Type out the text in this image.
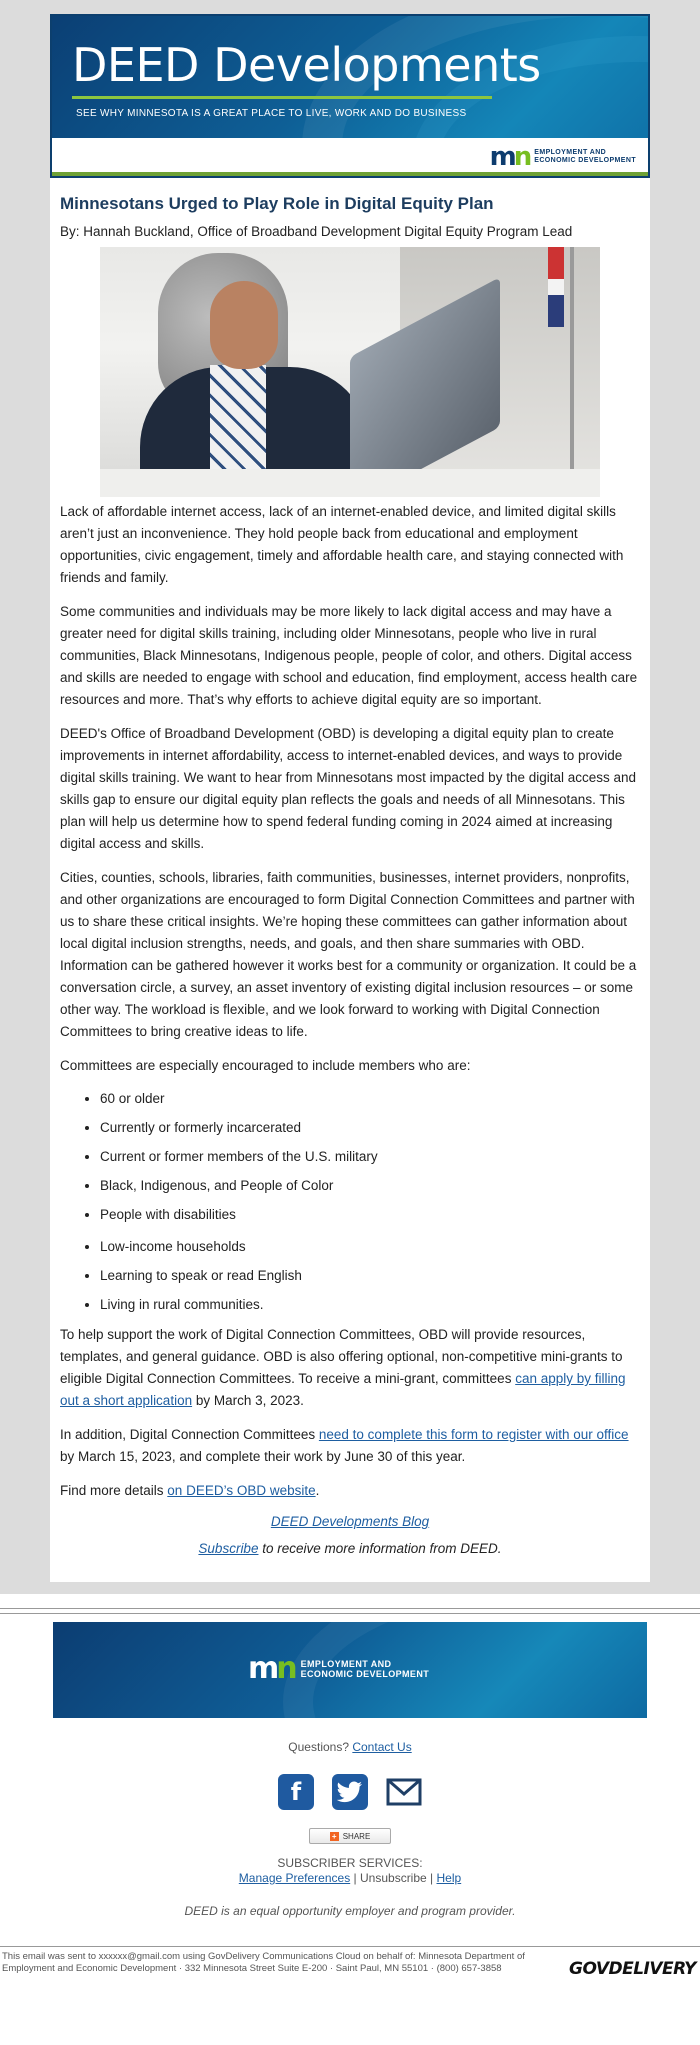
DEED Developments
SEE WHY MINNESOTA IS A GREAT PLACE TO LIVE, WORK AND DO BUSINESS
mn EMPLOYMENT AND
ECONOMIC DEVELOPMENT
Minnesotans Urged to Play Role in Digital Equity Plan
By: Hannah Buckland, Office of Broadband Development Digital Equity Program Lead

Lack of affordable internet access, lack of an internet-enabled device, and limited digital skills aren’t just an inconvenience. They hold people back from educational and employment opportunities, civic engagement, timely and affordable health care, and staying connected with friends and family.

Some communities and individuals may be more likely to lack digital access and may have a greater need for digital skills training, including older Minnesotans, people who live in rural communities, Black Minnesotans, Indigenous people, people of color, and others. Digital access and skills are needed to engage with school and education, find employment, access health care resources and more. That’s why efforts to achieve digital equity are so important.

DEED's Office of Broadband Development (OBD) is developing a digital equity plan to create improvements in internet affordability, access to internet-enabled devices, and ways to provide digital skills training. We want to hear from Minnesotans most impacted by the digital access and skills gap to ensure our digital equity plan reflects the goals and needs of all Minnesotans. This plan will help us determine how to spend federal funding coming in 2024 aimed at increasing digital access and skills.

Cities, counties, schools, libraries, faith communities, businesses, internet providers, nonprofits, and other organizations are encouraged to form Digital Connection Committees and partner with us to share these critical insights. We’re hoping these committees can gather information about local digital inclusion strengths, needs, and goals, and then share summaries with OBD. Information can be gathered however it works best for a community or organization. It could be a conversation circle, a survey, an asset inventory of existing digital inclusion resources – or some other way. The workload is flexible, and we look forward to working with Digital Connection Committees to bring creative ideas to life.

Committees are especially encouraged to include members who are:

• 60 or older
• Currently or formerly incarcerated
• Current or former members of the U.S. military
• Black, Indigenous, and People of Color
• People with disabilities
• Low-income households
• Learning to speak or read English
• Living in rural communities.

To help support the work of Digital Connection Committees, OBD will provide resources, templates, and general guidance. OBD is also offering optional, non-competitive mini-grants to eligible Digital Connection Committees. To receive a mini-grant, committees can apply by filling out a short application by March 3, 2023.

In addition, Digital Connection Committees need to complete this form to register with our office by March 15, 2023, and complete their work by June 30 of this year.

Find more details on DEED’s OBD website.

DEED Developments Blog
Subscribe to receive more information from DEED.
mn EMPLOYMENT AND
ECONOMIC DEVELOPMENT
Questions? Contact Us
f
+ SHARE
SUBSCRIBER SERVICES:
Manage Preferences | Unsubscribe | Help
DEED is an equal opportunity employer and program provider.
This email was sent to xxxxxx@gmail.com using GovDelivery Communications Cloud on behalf of: Minnesota Department of Employment and Economic Development · 332 Minnesota Street Suite E-200 · Saint Paul, MN 55101 · (800) 657-3858	GOVDELIVERY
